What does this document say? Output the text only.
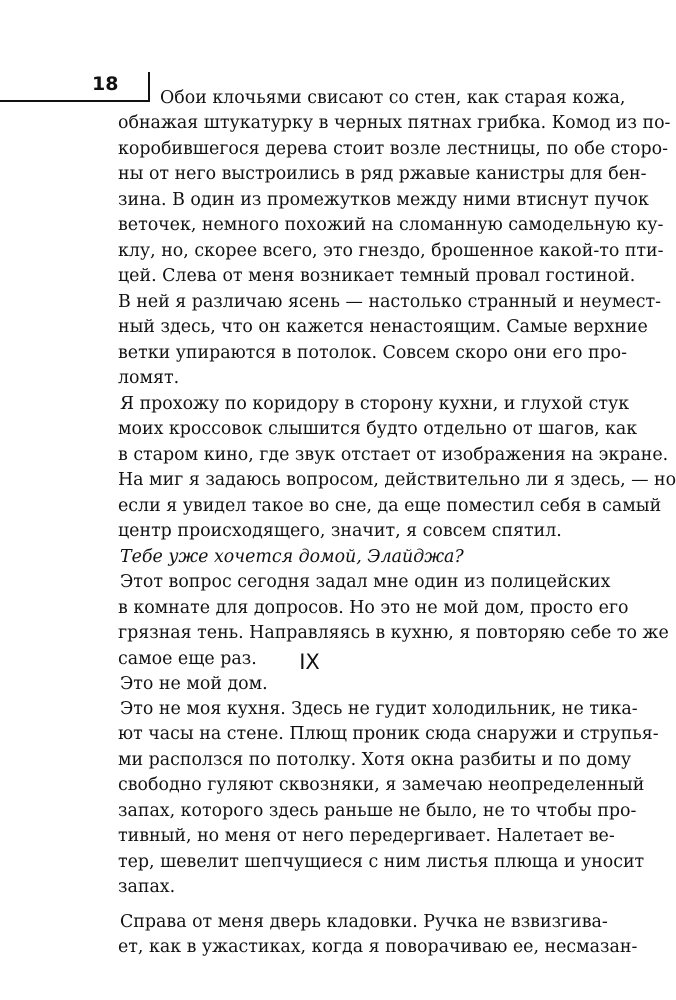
18

Обои клочьями свисают со стен, как старая кожа,

обнажая штукатурку в черных пятнах грибка. Комод из по-

коробившегося дерева стоит возле лестницы, по обе сторо-

ны от него выстроились в ряд ржавые канистры для бен-

зина. В один из промежутков между ними втиснут пучок

веточек, немного похожий на сломанную самодельную ку-

клу, но, скорее всего, это гнездо, брошенное какой-то пти-

цей. Слева от меня возникает темный провал гостиной.

В ней я различаю ясень — настолько странный и неумест-

ный здесь, что он кажется ненастоящим. Самые верхние

ветки упираются в потолок. Совсем скоро они его про-

ломят.

Я прохожу по коридору в сторону кухни, и глухой стук

моих кроссовок слышится будто отдельно от шагов, как

в старом кино, где звук отстает от изображения на экране.

На миг я задаюсь вопросом, действительно ли я здесь, — но

если я увидел такое во сне, да еще поместил себя в самый

центр происходящего, значит, я совсем спятил.

Тебе уже хочется домой, Элайджа?

Этот вопрос сегодня задал мне один из полицейских

в комнате для допросов. Но это не мой дом, просто его

грязная тень. Направляясь в кухню, я повторяю себе то же

самое еще раз.

Это не мой дом.

IX

Это не моя кухня. Здесь не гудит холодильник, не тика-

ют часы на стене. Плющ проник сюда снаружи и струпья-

ми расползся по потолку. Хотя окна разбиты и по дому

свободно гуляют сквозняки, я замечаю неопределенный

запах, которого здесь раньше не было, не то чтобы про-

тивный, но меня от него передергивает. Налетает ве-

тер, шевелит шепчущиеся с ним листья плюща и уносит

запах.

Справа от меня дверь кладовки. Ручка не взвизгива-

ет, как в ужастиках, когда я поворачиваю ее, несмазан-
